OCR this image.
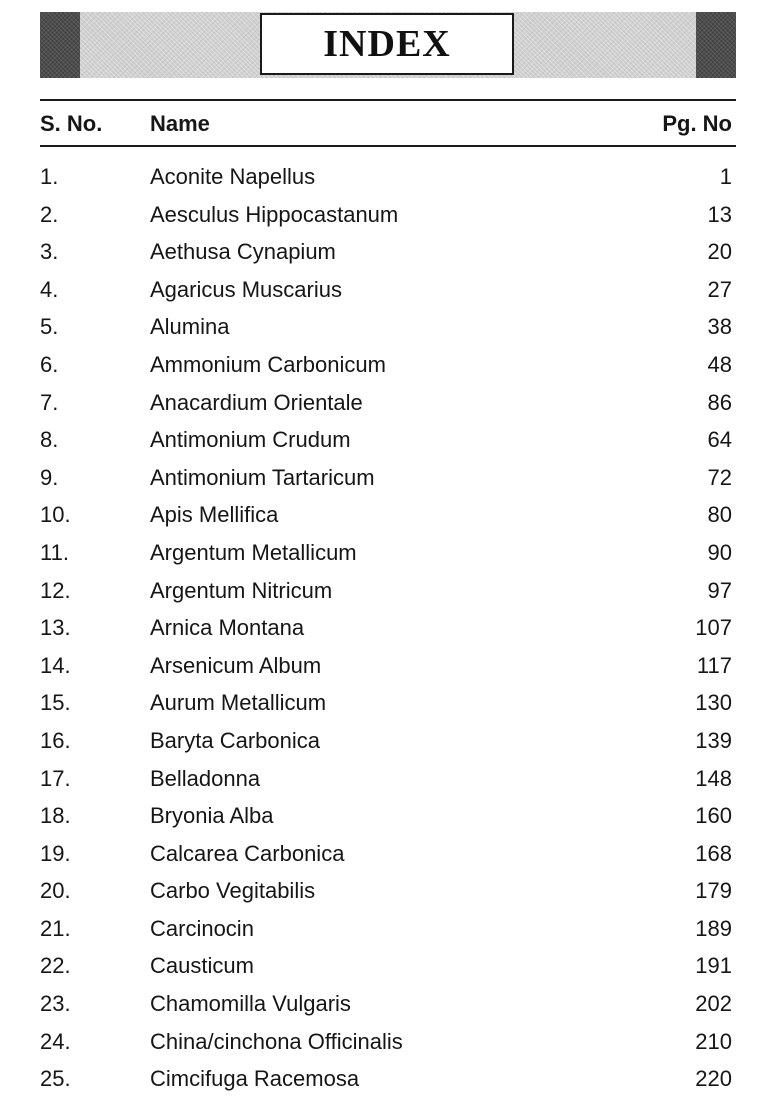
INDEX
S. No. Name	Pg. No
1.	Aconite Napellus	1
2.	Aesculus Hippocastanum	13
3.	Aethusa Cynapium	20
4.	Agaricus Muscarius	27
5.	Alumina	38
6.	Ammonium Carbonicum	48
7.	Anacardium Orientale	86
8.	Antimonium Crudum	64
9.	Antimonium Tartaricum	72
10.	Apis Mellifica	80
11.	Argentum Metallicum	90
12.	Argentum Nitricum	97
13.	Arnica Montana	107
14.	Arsenicum Album	117
15.	Aurum Metallicum	130
16.	Baryta Carbonica	139
17.	Belladonna	148
18.	Bryonia Alba	160
19.	Calcarea Carbonica	168
20.	Carbo Vegitabilis	179
21.	Carcinocin	189
22.	Causticum	191
23.	Chamomilla Vulgaris	202
24.	China/cinchona Officinalis	210
25.	Cimcifuga Racemosa	220
